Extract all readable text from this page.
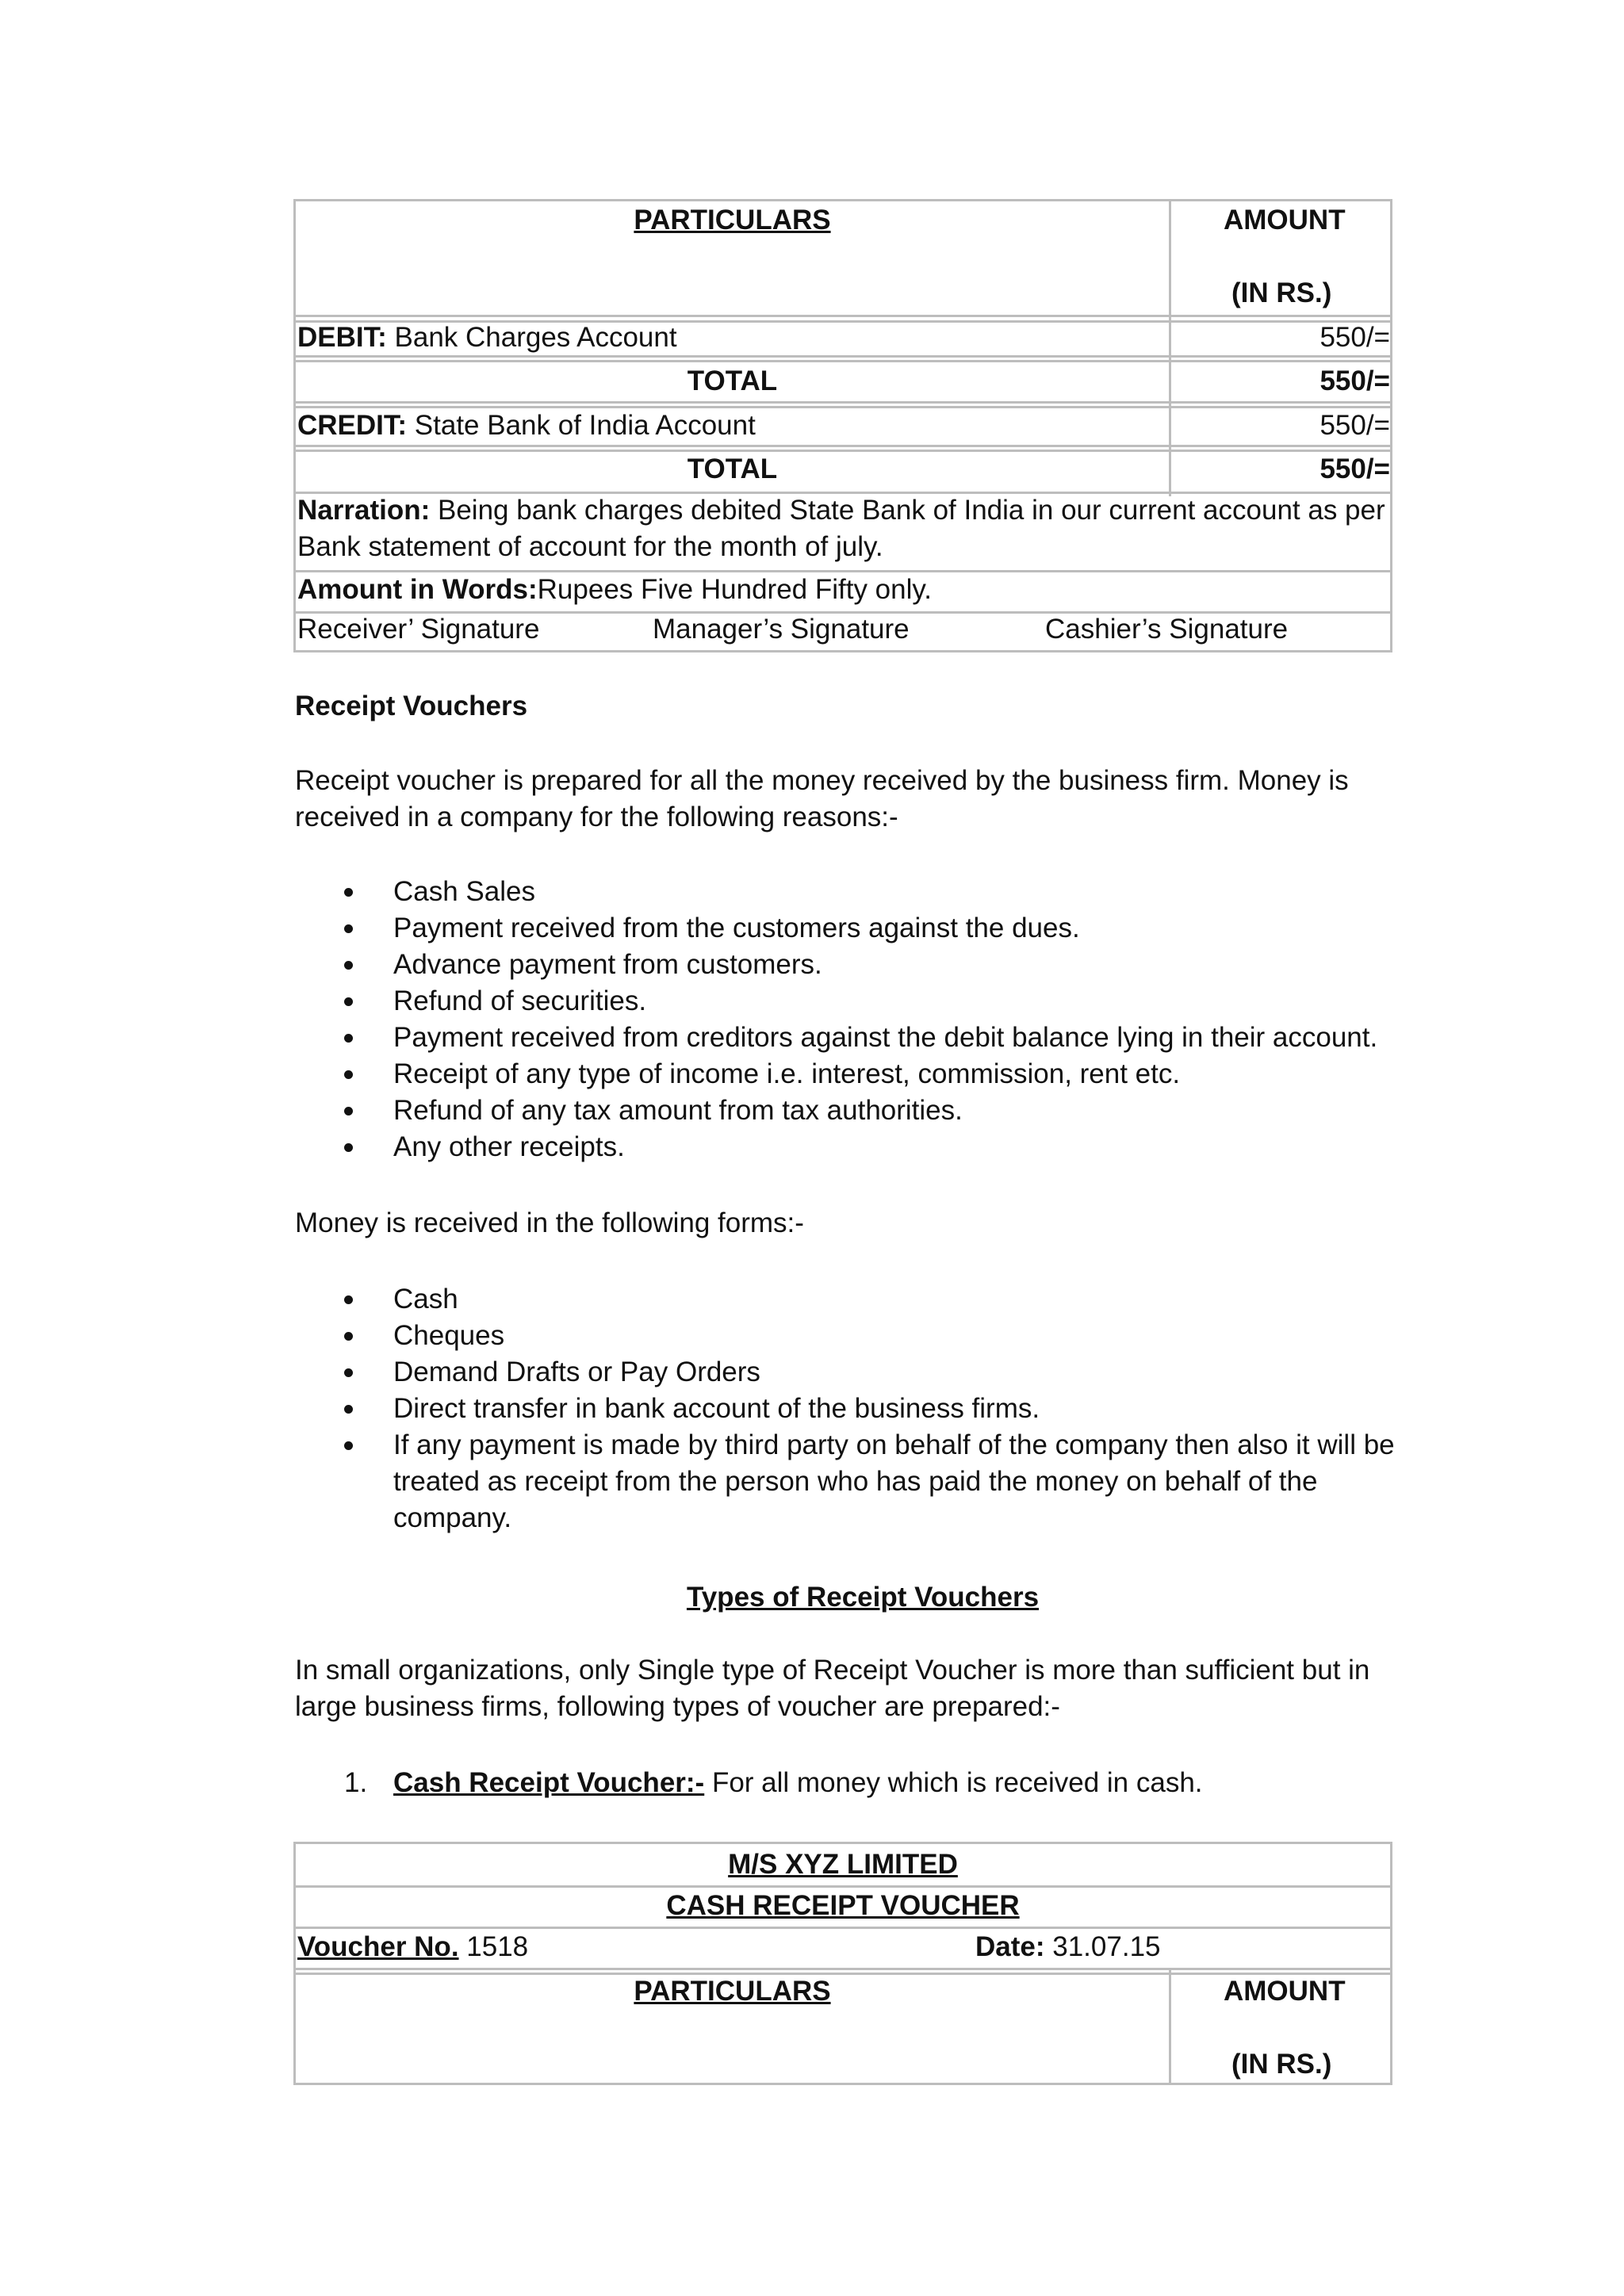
PARTICULARS	AMOUNT
(IN RS.)
DEBIT: Bank Charges Account	550/=
TOTAL	550/=
CREDIT: State Bank of India Account	550/=
TOTAL	550/=
Narration: Being bank charges debited State Bank of India in our current account as per
Bank statement of account for the month of july.
Amount in Words:Rupees Five Hundred Fifty only.
Receiver’ Signature	Manager’s Signature	Cashier’s Signature
Receipt Vouchers
Receipt voucher is prepared for all the money received by the business firm. Money is
received in a company for the following reasons:-
Cash Sales
Payment received from the customers against the dues.
Advance payment from customers.
Refund of securities.
Payment received from creditors against the debit balance lying in their account.
Receipt of any type of income i.e. interest, commission, rent etc.
Refund of any tax amount from tax authorities.
Any other receipts.
Money is received in the following forms:-
Cash
Cheques
Demand Drafts or Pay Orders
Direct transfer in bank account of the business firms.
If any payment is made by third party on behalf of the company then also it will be
treated as receipt from the person who has paid the money on behalf of the
company.
Types of Receipt Vouchers
In small organizations, only Single type of Receipt Voucher is more than sufficient but in
large business firms, following types of voucher are prepared:-
1. Cash Receipt Voucher:- For all money which is received in cash.
M/S XYZ LIMITED
CASH RECEIPT VOUCHER
Voucher No. 1518	Date: 31.07.15
PARTICULARS	AMOUNT
(IN RS.)
